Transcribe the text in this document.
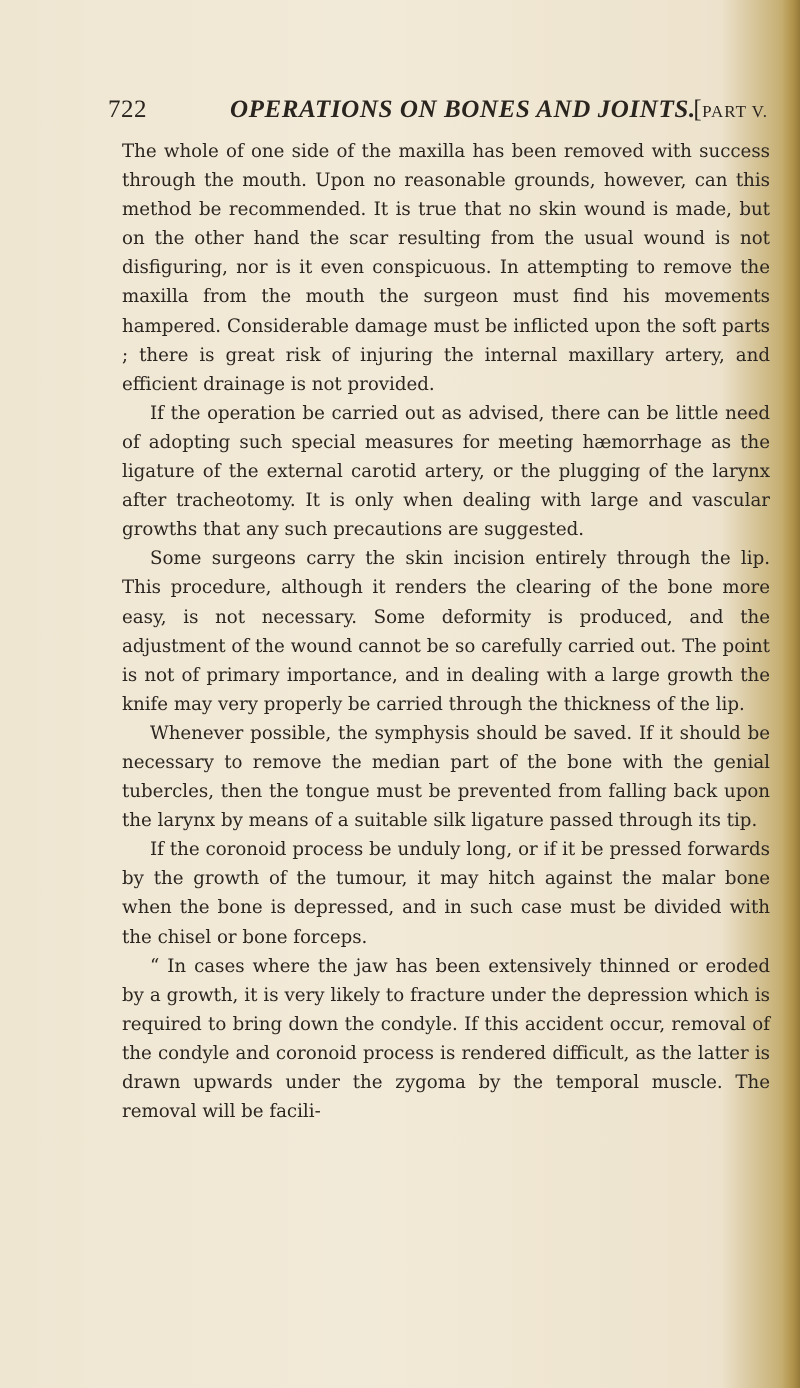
722	OPERATIONS ON BONES AND JOINTS.
[PART V.

The whole of one side of the maxilla has been removed with success through the mouth. Upon no reasonable grounds, however, can this method be recommended. It is true that no skin wound is made, but on the other hand the scar resulting from the usual wound is not disfiguring, nor is it even conspicuous. In attempting to remove the maxilla from the mouth the surgeon must find his movements hampered. Considerable damage must be inflicted upon the soft parts ; there is great risk of injuring the internal maxillary artery, and efficient drainage is not provided.

If the operation be carried out as advised, there can be little need of adopting such special measures for meeting hæmorrhage as the ligature of the external carotid artery, or the plugging of the larynx after tracheotomy. It is only when dealing with large and vascular growths that any such precautions are suggested.

Some surgeons carry the skin incision entirely through the lip. This procedure, although it renders the clearing of the bone more easy, is not necessary. Some deformity is produced, and the adjustment of the wound cannot be so carefully carried out. The point is not of primary importance, and in dealing with a large growth the knife may very properly be carried through the thickness of the lip.

Whenever possible, the symphysis should be saved. If it should be necessary to remove the median part of the bone with the genial tubercles, then the tongue must be prevented from falling back upon the larynx by means of a suitable silk ligature passed through its tip.

If the coronoid process be unduly long, or if it be pressed forwards by the growth of the tumour, it may hitch against the malar bone when the bone is depressed, and in such case must be divided with the chisel or bone forceps.

“ In cases where the jaw has been extensively thinned or eroded by a growth, it is very likely to fracture under the depression which is required to bring down the condyle. If this accident occur, removal of the condyle and coronoid process is rendered difficult, as the latter is drawn upwards under the zygoma by the temporal muscle. The removal will be facili-
